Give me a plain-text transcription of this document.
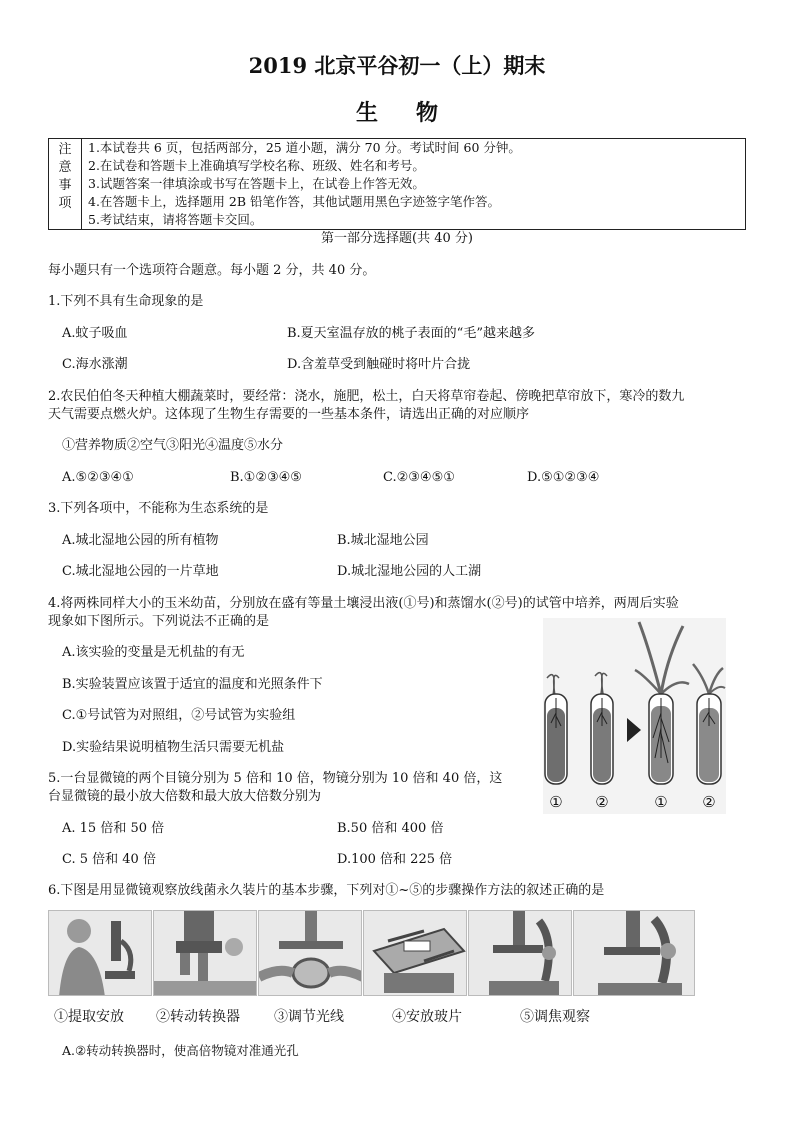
2019 北京平谷初一（上）期末
生物
注
意
事
项

1.本试卷共 6 页，包括两部分，25 道小题，满分 70 分。考试时间 60 分钟。
2.在试卷和答题卡上准确填写学校名称、班级、姓名和考号。
3.试题答案一律填涂或书写在答题卡上，在试卷上作答无效。
4.在答题卡上，选择题用 2B 铅笔作答，其他试题用黑色字迹签字笔作答。
5.考试结束，请将答题卡交回。
第一部分选择题(共 40 分)
每小题只有一个选项符合题意。每小题 2 分，共 40 分。
1.下列不具有生命现象的是
A.蚊子吸血	B.夏天室温存放的桃子表面的“毛”越来越多
C.海水涨潮	D.含羞草受到触碰时将叶片合拢
2.农民伯伯冬天种植大棚蔬菜时，要经常：浇水，施肥，松土，白天将草帘卷起、傍晚把草帘放下，寒冷的数九
天气需要点燃火炉。这体现了生物生存需要的一些基本条件，请选出正确的对应顺序
①营养物质②空气③阳光④温度⑤水分
A.⑤②③④①	B.①②③④⑤	C.②③④⑤①	D.⑤①②③④
3.下列各项中，不能称为生态系统的是
A.城北湿地公园的所有植物	B.城北湿地公园
C.城北湿地公园的一片草地	D.城北湿地公园的人工湖
4.将两株同样大小的玉米幼苗，分别放在盛有等量土壤浸出液(①号)和蒸馏水(②号)的试管中培养，两周后实验
现象如下图所示。下列说法不正确的是
A.该实验的变量是无机盐的有无
B.实验装置应该置于适宜的温度和光照条件下
C.①号试管为对照组，②号试管为实验组
D.实验结果说明植物生活只需要无机盐
① ②	① ②
5.一台显微镜的两个目镜分别为 5 倍和 10 倍，物镜分别为 10 倍和 40 倍，这
台显微镜的最小放大倍数和最大放大倍数分别为
A. 15 倍和 50 倍	B.50 倍和 400 倍
C. 5 倍和 40 倍	D.100 倍和 225 倍
6.下图是用显微镜观察放线菌永久装片的基本步骤，下列对①~⑤的步骤操作方法的叙述正确的是
①提取安放 ②转动转换器 ③调节光线	④安放玻片	⑤调焦观察
A.②转动转换器时，使高倍物镜对准通光孔
